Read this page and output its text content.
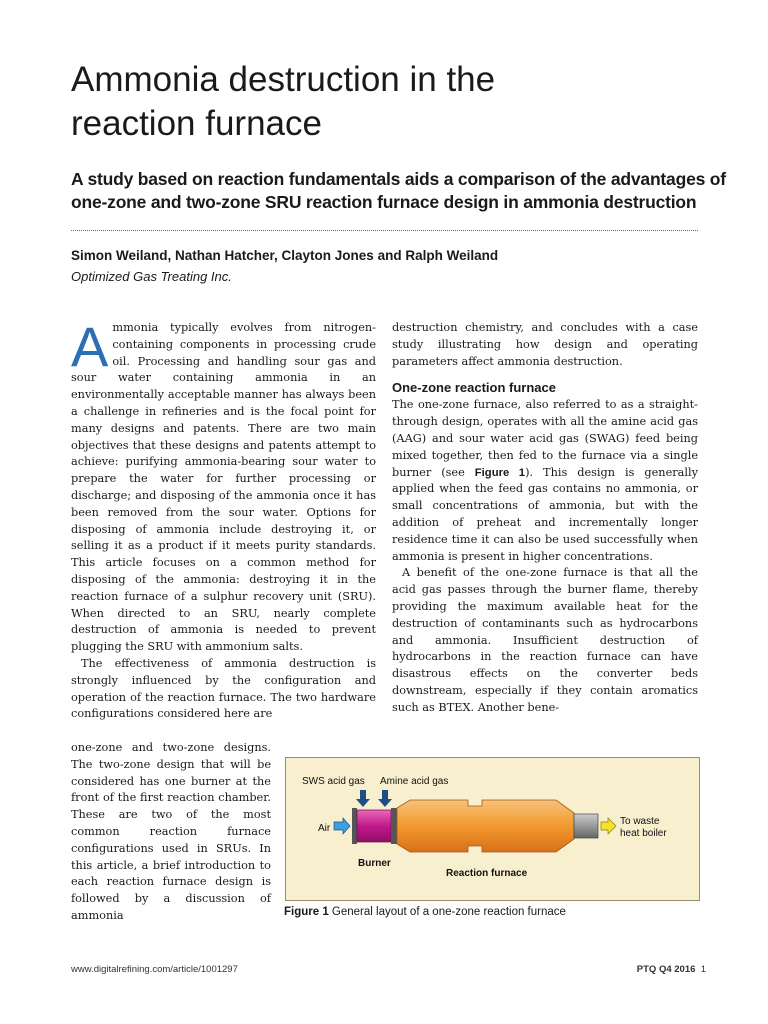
Ammonia destruction in the
reaction furnace

A study based on reaction fundamentals aids a comparison of the advantages of one-zone and two-zone SRU reaction furnace design in ammonia destruction

Simon Weiland, Nathan Hatcher, Clayton Jones and Ralph Weiland

Optimized Gas Treating Inc.

Ammonia typically evolves from nitrogen-containing components in processing crude oil. Processing and handling sour gas and sour water containing ammonia in an environmentally acceptable manner has always been a challenge in refineries and is the focal point for many designs and patents. There are two main objectives that these designs and patents attempt to achieve: purifying ammonia-bearing sour water to prepare the water for further processing or discharge; and disposing of the ammonia once it has been removed from the sour water. Options for disposing of ammonia include destroying it, or selling it as a product if it meets purity standards. This article focuses on a common method for disposing of the ammonia: destroying it in the reaction furnace of a sulphur recovery unit (SRU). When directed to an SRU, nearly complete destruction of ammonia is needed to prevent plugging the SRU with ammonium salts.

The effectiveness of ammonia destruction is strongly influenced by the configuration and operation of the reaction furnace. The two hardware configurations considered here are

one-zone and two-zone designs. The two-zone design that will be considered has one burner at the front of the first reaction chamber. These are two of the most common reaction furnace configurations used in SRUs. In this article, a brief introduction to each reaction furnace design is followed by a discussion of ammonia

destruction chemistry, and concludes with a case study illustrating how design and operating parameters affect ammonia destruction.

One-zone reaction furnace

The one-zone furnace, also referred to as a straight-through design, operates with all the amine acid gas (AAG) and sour water acid gas (SWAG) feed being mixed together, then fed to the furnace via a single burner (see Figure 1). This design is generally applied when the feed gas contains no ammonia, or small concentrations of ammonia, but with the addition of preheat and incrementally longer residence time it can also be used successfully when ammonia is present in higher concentrations.

A benefit of the one-zone furnace is that all the acid gas passes through the burner flame, thereby providing the maximum available heat for the destruction of contaminants such as hydrocarbons and ammonia. Insufficient destruction of hydrocarbons in the reaction furnace can have disastrous effects on the converter beds downstream, especially if they contain aromatics such as BTEX. Another bene-

SWS acid gas Amine acid gas
Air
Burner
To waste
heat boiler
Reaction furnace
Figure 1 General layout of a one-zone reaction furnace
www.digitalrefining.com/article/1001297	PTQ Q4 2016 1
